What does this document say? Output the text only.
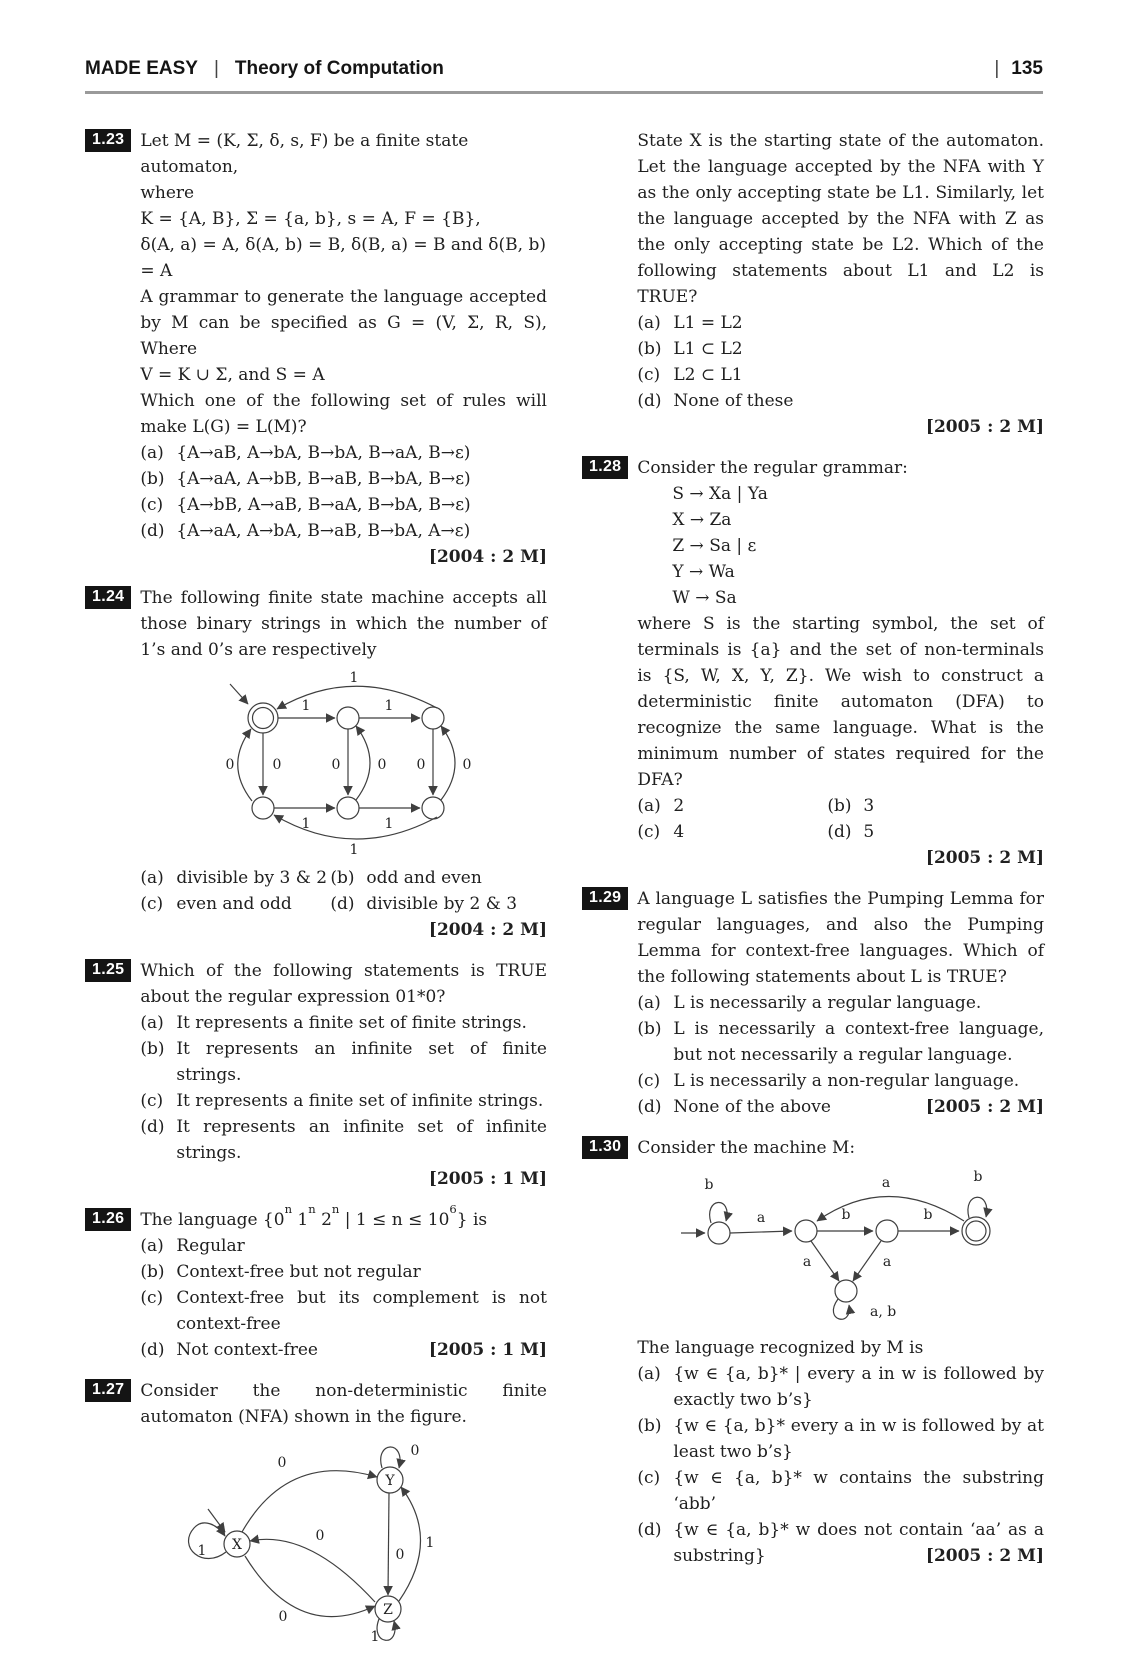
MADE EASY | Theory of Computation	| 135
1.23 Let M = (K, Σ, δ, s, F) be a finite state automaton,
where
K = {A, B}, Σ = {a, b}, s = A, F = {B},
δ(A, a) = A, δ(A, b) = B, δ(B, a) = B and δ(B, b) = A
A grammar to generate the language accepted by M can be specified as G = (V, Σ, R, S), Where
V = K ∪ Σ, and S = A
Which one of the following set of rules will make L(G) = L(M)?
(a) {A→aB, A→bA, B→bA, B→aA, B→ε)
(b) {A→aA, A→bB, B→aB, B→bA, B→ε)
(c) {A→bB, A→aB, B→aA, B→bA, B→ε)
(d) {A→aA, A→bA, B→aB, B→bA, A→ε)
[2004 : 2 M]
1.24 The following finite state machine accepts all those binary strings in which the number of 1’s and 0’s are respectively
1
1	1
0	0	0	0 0	0
1	1
1
(a) divisible by 3 & 2 (b) odd and even
(c) even and odd	(d) divisible by 2 & 3
[2004 : 2 M]
1.25 Which of the following statements is TRUE about the regular expression 01*0?
(a) It represents a finite set of finite strings.
(b) It represents an infinite set of finite strings.
(c) It represents a finite set of infinite strings.
(d) It represents an infinite set of infinite strings.
[2005 : 1 M]
1.26 The language {0$^n$ 1$^n$ 2$^n$ | $1 \le n \le 10^6$} is
(a) Regular
(b) Context-free but not regular
(c) Context-free but its complement is not context-free
(d) Not context-free	[2005 : 1 M]
1.27 Consider the non-deterministic finite automaton (NFA) shown in the figure.
X
Y
Z
1
0
0
0
0
0
1
1
State X is the starting state of the automaton. Let the language accepted by the NFA with Y as the only accepting state be L1. Similarly, let the language accepted by the NFA with Z as the only accepting state be L2. Which of the following statements about L1 and L2 is TRUE?
(a) L1 = L2
(b) L1 ⊂ L2
(c) L2 ⊂ L1
(d) None of these
[2005 : 2 M]
1.28 Consider the regular grammar:
S → Xa | Ya
X → Za
Z → Sa | ε
Y → Wa
W → Sa
where S is the starting symbol, the set of terminals is {a} and the set of non-terminals is {S, W, X, Y, Z}. We wish to construct a deterministic finite automaton (DFA) to recognize the same language. What is the minimum number of states required for the DFA?
(a) 2	(b) 3
(c) 4	(d) 5
[2005 : 2 M]
1.29 A language L satisfies the Pumping Lemma for regular languages, and also the Pumping Lemma for context-free languages. Which of the following statements about L is TRUE?
(a) L is necessarily a regular language.
(b) L is necessarily a context-free language, but not necessarily a regular language.
(c) L is necessarily a non-regular language.
(d) None of the above	[2005 : 2 M]
1.30 Consider the machine M:
b
a	b	b
b
a
a	a
a, b
The language recognized by M is
(a) {w ∈ {a, b}* | every a in w is followed by exactly two b’s}
(b) {w ∈ {a, b}* every a in w is followed by at least two b’s}
(c) {w ∈ {a, b}* w contains the substring ‘abb’
(d) {w ∈ {a, b}* w does not contain ‘aa’ as a substring}	[2005 : 2 M]
